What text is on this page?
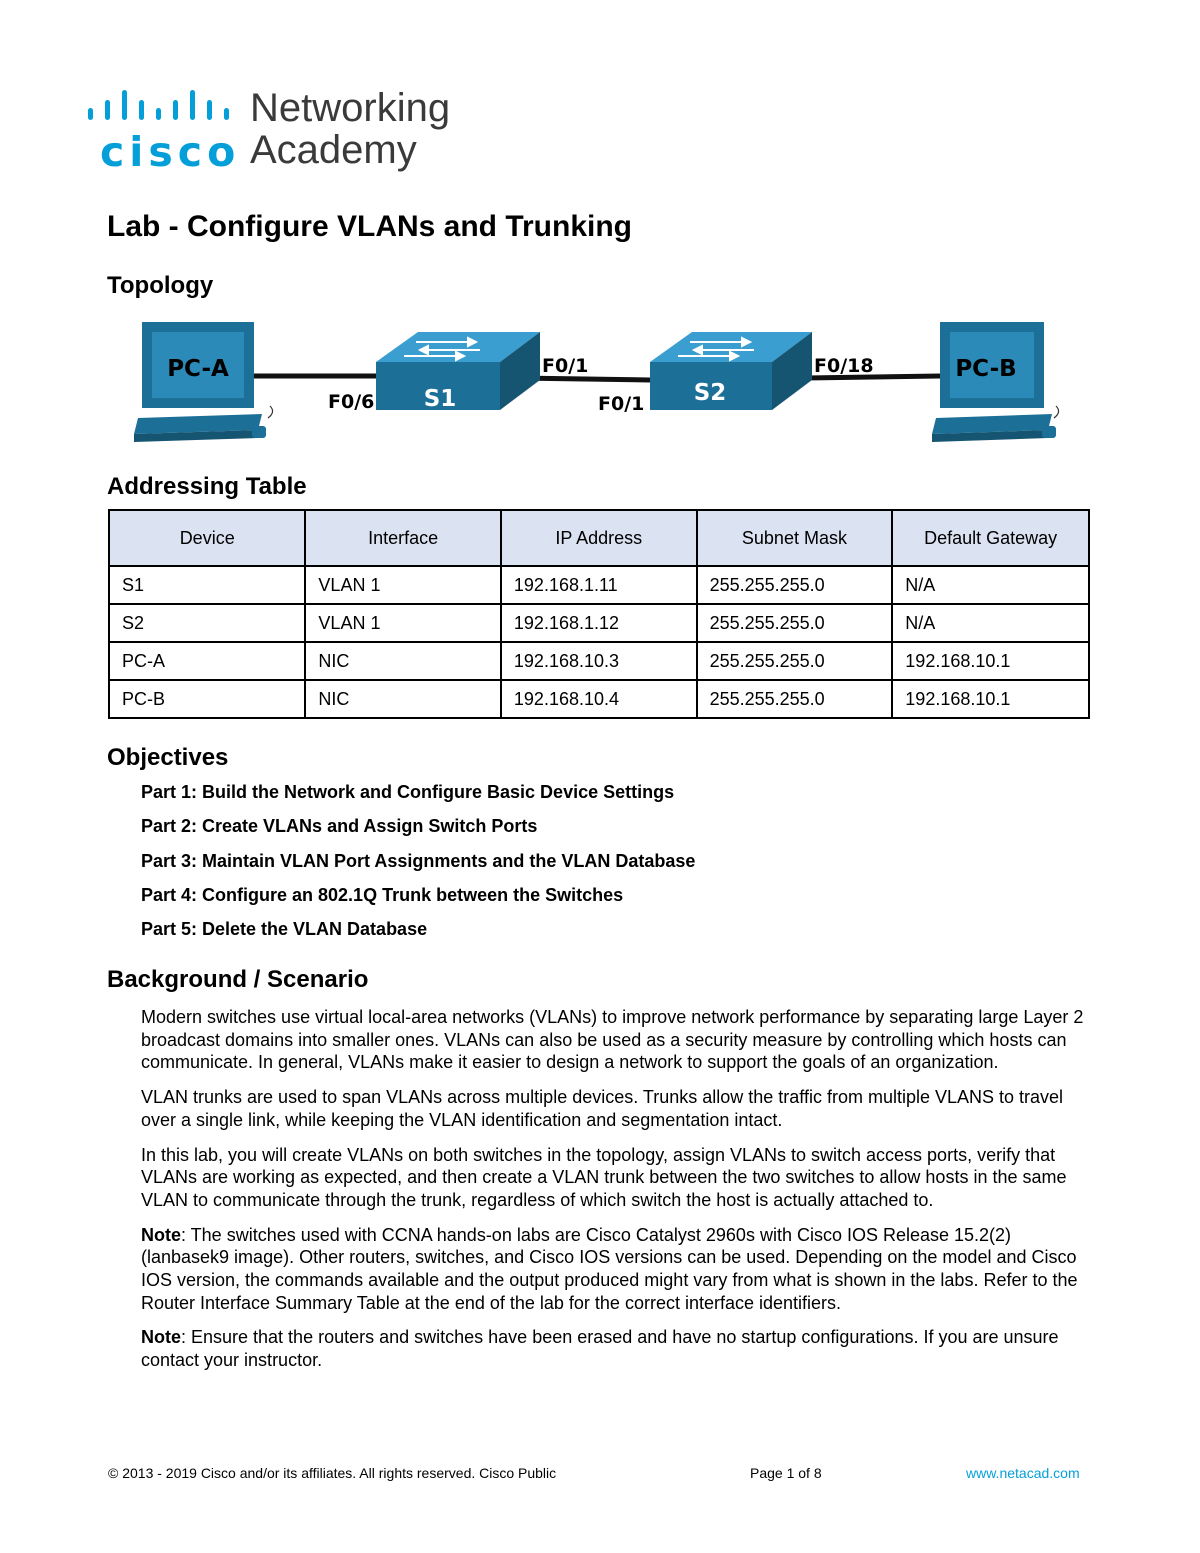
cisco
Networking
Academy
Lab - Configure VLANs and Trunking
Topology
PC-A
S1	S2
PC-B
F0/6
F0/1
F0/1
F0/18
Addressing Table
Device	Interface	IP Address	Subnet Mask	Default Gateway
S1	VLAN 1	192.168.1.11	255.255.255.0	N/A
S2	VLAN 1	192.168.1.12	255.255.255.0	N/A
PC-A	NIC	192.168.10.3	255.255.255.0	192.168.10.1
PC-B	NIC	192.168.10.4	255.255.255.0	192.168.10.1
Objectives
Part 1: Build the Network and Configure Basic Device Settings
Part 2: Create VLANs and Assign Switch Ports
Part 3: Maintain VLAN Port Assignments and the VLAN Database
Part 4: Configure an 802.1Q Trunk between the Switches
Part 5: Delete the VLAN Database
Background / Scenario

Modern switches use virtual local-area networks (VLANs) to improve network performance by separating large Layer 2 broadcast domains into smaller ones. VLANs can also be used as a security measure by controlling which hosts can communicate. In general, VLANs make it easier to design a network to support the goals of an organization.

VLAN trunks are used to span VLANs across multiple devices. Trunks allow the traffic from multiple VLANS to travel over a single link, while keeping the VLAN identification and segmentation intact.

In this lab, you will create VLANs on both switches in the topology, assign VLANs to switch access ports, verify that VLANs are working as expected, and then create a VLAN trunk between the two switches to allow hosts in the same VLAN to communicate through the trunk, regardless of which switch the host is actually attached to.

Note: The switches used with CCNA hands-on labs are Cisco Catalyst 2960s with Cisco IOS Release 15.2(2) (lanbasek9 image). Other routers, switches, and Cisco IOS versions can be used. Depending on the model and Cisco IOS version, the commands available and the output produced might vary from what is shown in the labs. Refer to the Router Interface Summary Table at the end of the lab for the correct interface identifiers.

Note: Ensure that the routers and switches have been erased and have no startup configurations. If you are unsure contact your instructor.

© 2013 - 2019 Cisco and/or its affiliates. All rights reserved. Cisco Public	Page 1 of 8	www.netacad.com
